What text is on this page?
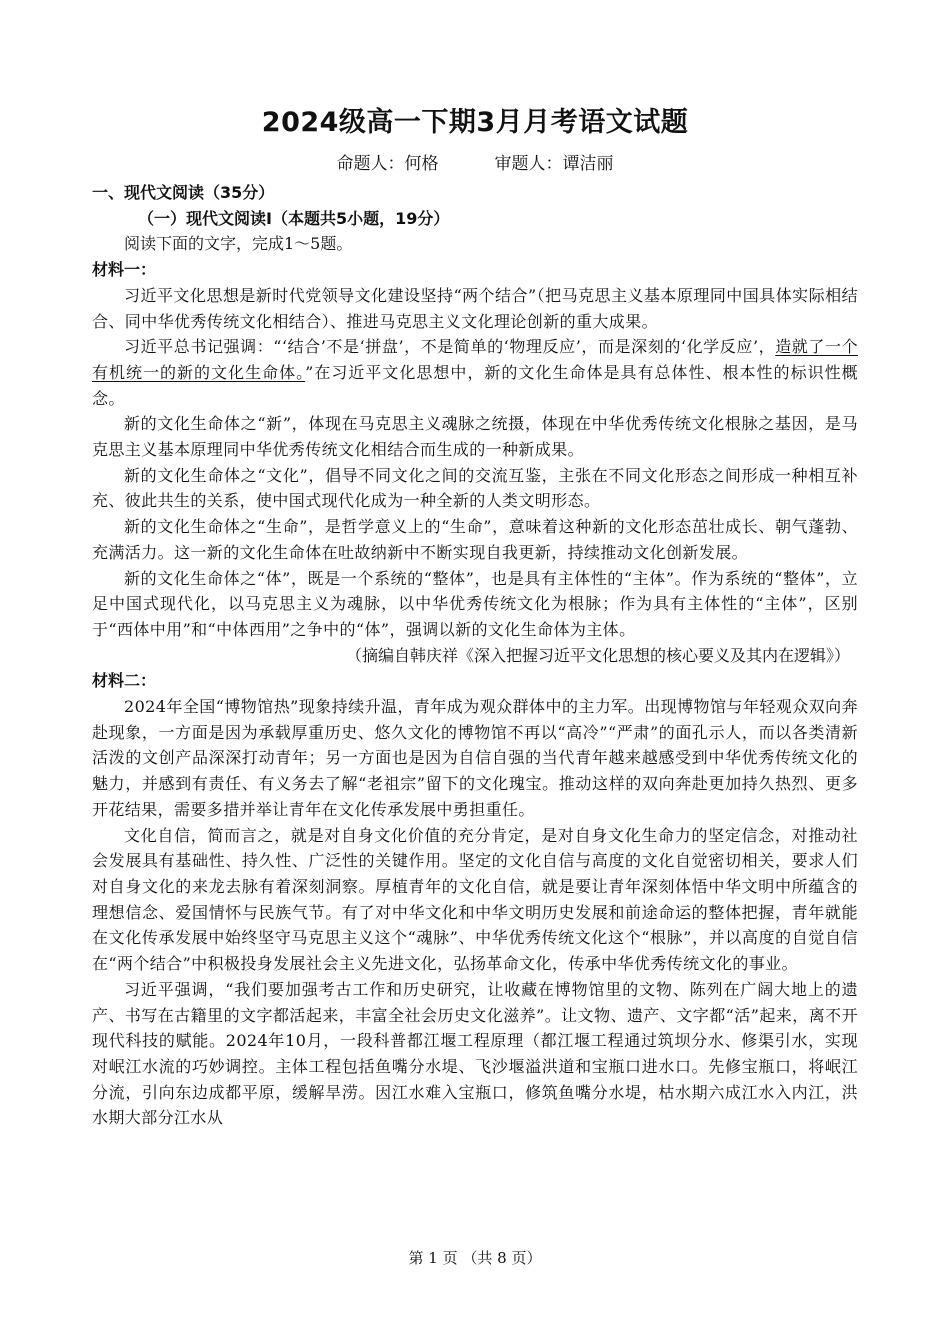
2024级高一下期3月月考语文试题
命题人：何格	审题人：谭洁丽
一、现代文阅读（35分）
（一）现代文阅读Ⅰ（本题共5小题，19分）
阅读下面的文字，完成1～5题。
材料一：

习近平文化思想是新时代党领导文化建设坚持“两个结合”（把马克思主义基本原理同中国具体实际相结合、同中华优秀传统文化相结合）、推进马克思主义文化理论创新的重大成果。

习近平总书记强调：“‘结合’不是‘拼盘’，不是简单的‘物理反应’，而是深刻的‘化学反应’，造就了一个有机统一的新的文化生命体。”在习近平文化思想中，新的文化生命体是具有总体性、根本性的标识性概念。

新的文化生命体之“新”，体现在马克思主义魂脉之统摄，体现在中华优秀传统文化根脉之基因，是马克思主义基本原理同中华优秀传统文化相结合而生成的一种新成果。

新的文化生命体之“文化”，倡导不同文化之间的交流互鉴，主张在不同文化形态之间形成一种相互补充、彼此共生的关系，使中国式现代化成为一种全新的人类文明形态。

新的文化生命体之“生命”，是哲学意义上的“生命”，意味着这种新的文化形态茁壮成长、朝气蓬勃、充满活力。这一新的文化生命体在吐故纳新中不断实现自我更新，持续推动文化创新发展。

新的文化生命体之“体”，既是一个系统的“整体”，也是具有主体性的“主体”。作为系统的“整体”，立足中国式现代化，以马克思主义为魂脉，以中华优秀传统文化为根脉；作为具有主体性的“主体”，区别于“西体中用”和“中体西用”之争中的“体”，强调以新的文化生命体为主体。

（摘编自韩庆祥《深入把握习近平文化思想的核心要义及其内在逻辑》）
材料二：

2024年全国“博物馆热”现象持续升温，青年成为观众群体中的主力军。出现博物馆与年轻观众双向奔赴现象，一方面是因为承载厚重历史、悠久文化的博物馆不再以“高冷”“严肃”的面孔示人，而以各类清新活泼的文创产品深深打动青年；另一方面也是因为自信自强的当代青年越来越感受到中华优秀传统文化的魅力，并感到有责任、有义务去了解“老祖宗”留下的文化瑰宝。推动这样的双向奔赴更加持久热烈、更多开花结果，需要多措并举让青年在文化传承发展中勇担重任。

文化自信，简而言之，就是对自身文化价值的充分肯定，是对自身文化生命力的坚定信念，对推动社会发展具有基础性、持久性、广泛性的关键作用。坚定的文化自信与高度的文化自觉密切相关，要求人们对自身文化的来龙去脉有着深刻洞察。厚植青年的文化自信，就是要让青年深刻体悟中华文明中所蕴含的理想信念、爱国情怀与民族气节。有了对中华文化和中华文明历史发展和前途命运的整体把握，青年就能在文化传承发展中始终坚守马克思主义这个“魂脉”、中华优秀传统文化这个“根脉”，并以高度的自觉自信在“两个结合”中积极投身发展社会主义先进文化，弘扬革命文化，传承中华优秀传统文化的事业。

习近平强调，“我们要加强考古工作和历史研究，让收藏在博物馆里的文物、陈列在广阔大地上的遗产、书写在古籍里的文字都活起来，丰富全社会历史文化滋养”。让文物、遗产、文字都“活”起来，离不开现代科技的赋能。2024年10月，一段科普都江堰工程原理（都江堰工程通过筑坝分水、修渠引水，实现对岷江水流的巧妙调控。主体工程包括鱼嘴分水堤、飞沙堰溢洪道和宝瓶口进水口。先修宝瓶口，将岷江分流，引向东边成都平原，缓解旱涝。因江水难入宝瓶口，修筑鱼嘴分水堤，枯水期六成江水入内江，洪水期大部分江水从

第 1 页 （共 8 页）
